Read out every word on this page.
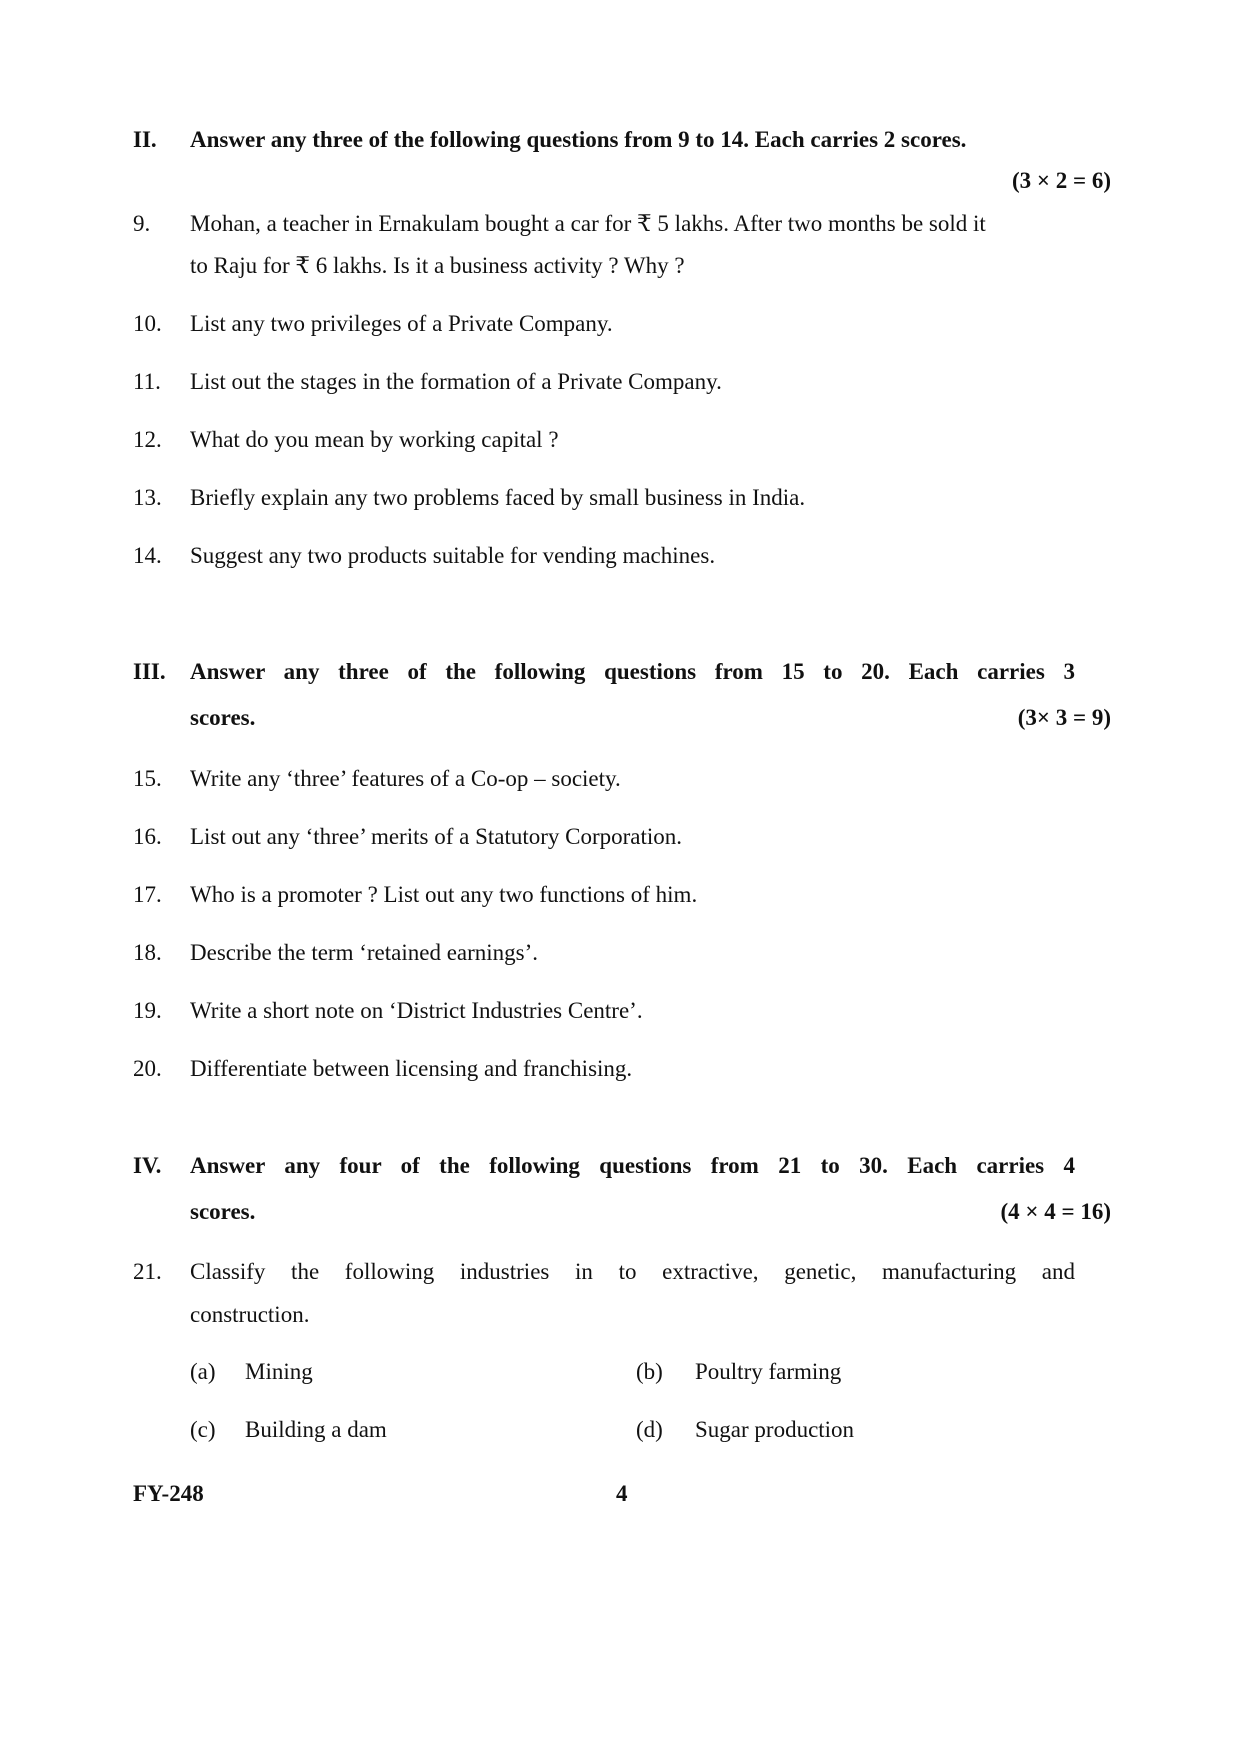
II. Answer any three of the following questions from 9 to 14. Each carries 2 scores.
(3 × 2 = 6)
9. Mohan, a teacher in Ernakulam bought a car for ₹ 5 lakhs. After two months be sold it
to Raju for ₹ 6 lakhs. Is it a business activity ? Why ?
10. List any two privileges of a Private Company.
11. List out the stages in the formation of a Private Company.
12. What do you mean by working capital ?
13. Briefly explain any two problems faced by small business in India.
14. Suggest any two products suitable for vending machines.
III. Answer any three of the following questions from 15 to 20. Each carries 3
scores.	(3× 3 = 9)
15. Write any ‘three’ features of a Co-op – society.
16. List out any ‘three’ merits of a Statutory Corporation.
17. Who is a promoter ? List out any two functions of him.
18. Describe the term ‘retained earnings’.
19. Write a short note on ‘District Industries Centre’.
20. Differentiate between licensing and franchising.
IV. Answer any four of the following questions from 21 to 30. Each carries 4
scores.	(4 × 4 = 16)
21. Classify the following industries in to extractive, genetic, manufacturing and
construction.
(a) Mining	(b) Poultry farming
(c) Building a dam	(d) Sugar production
FY-248	4
